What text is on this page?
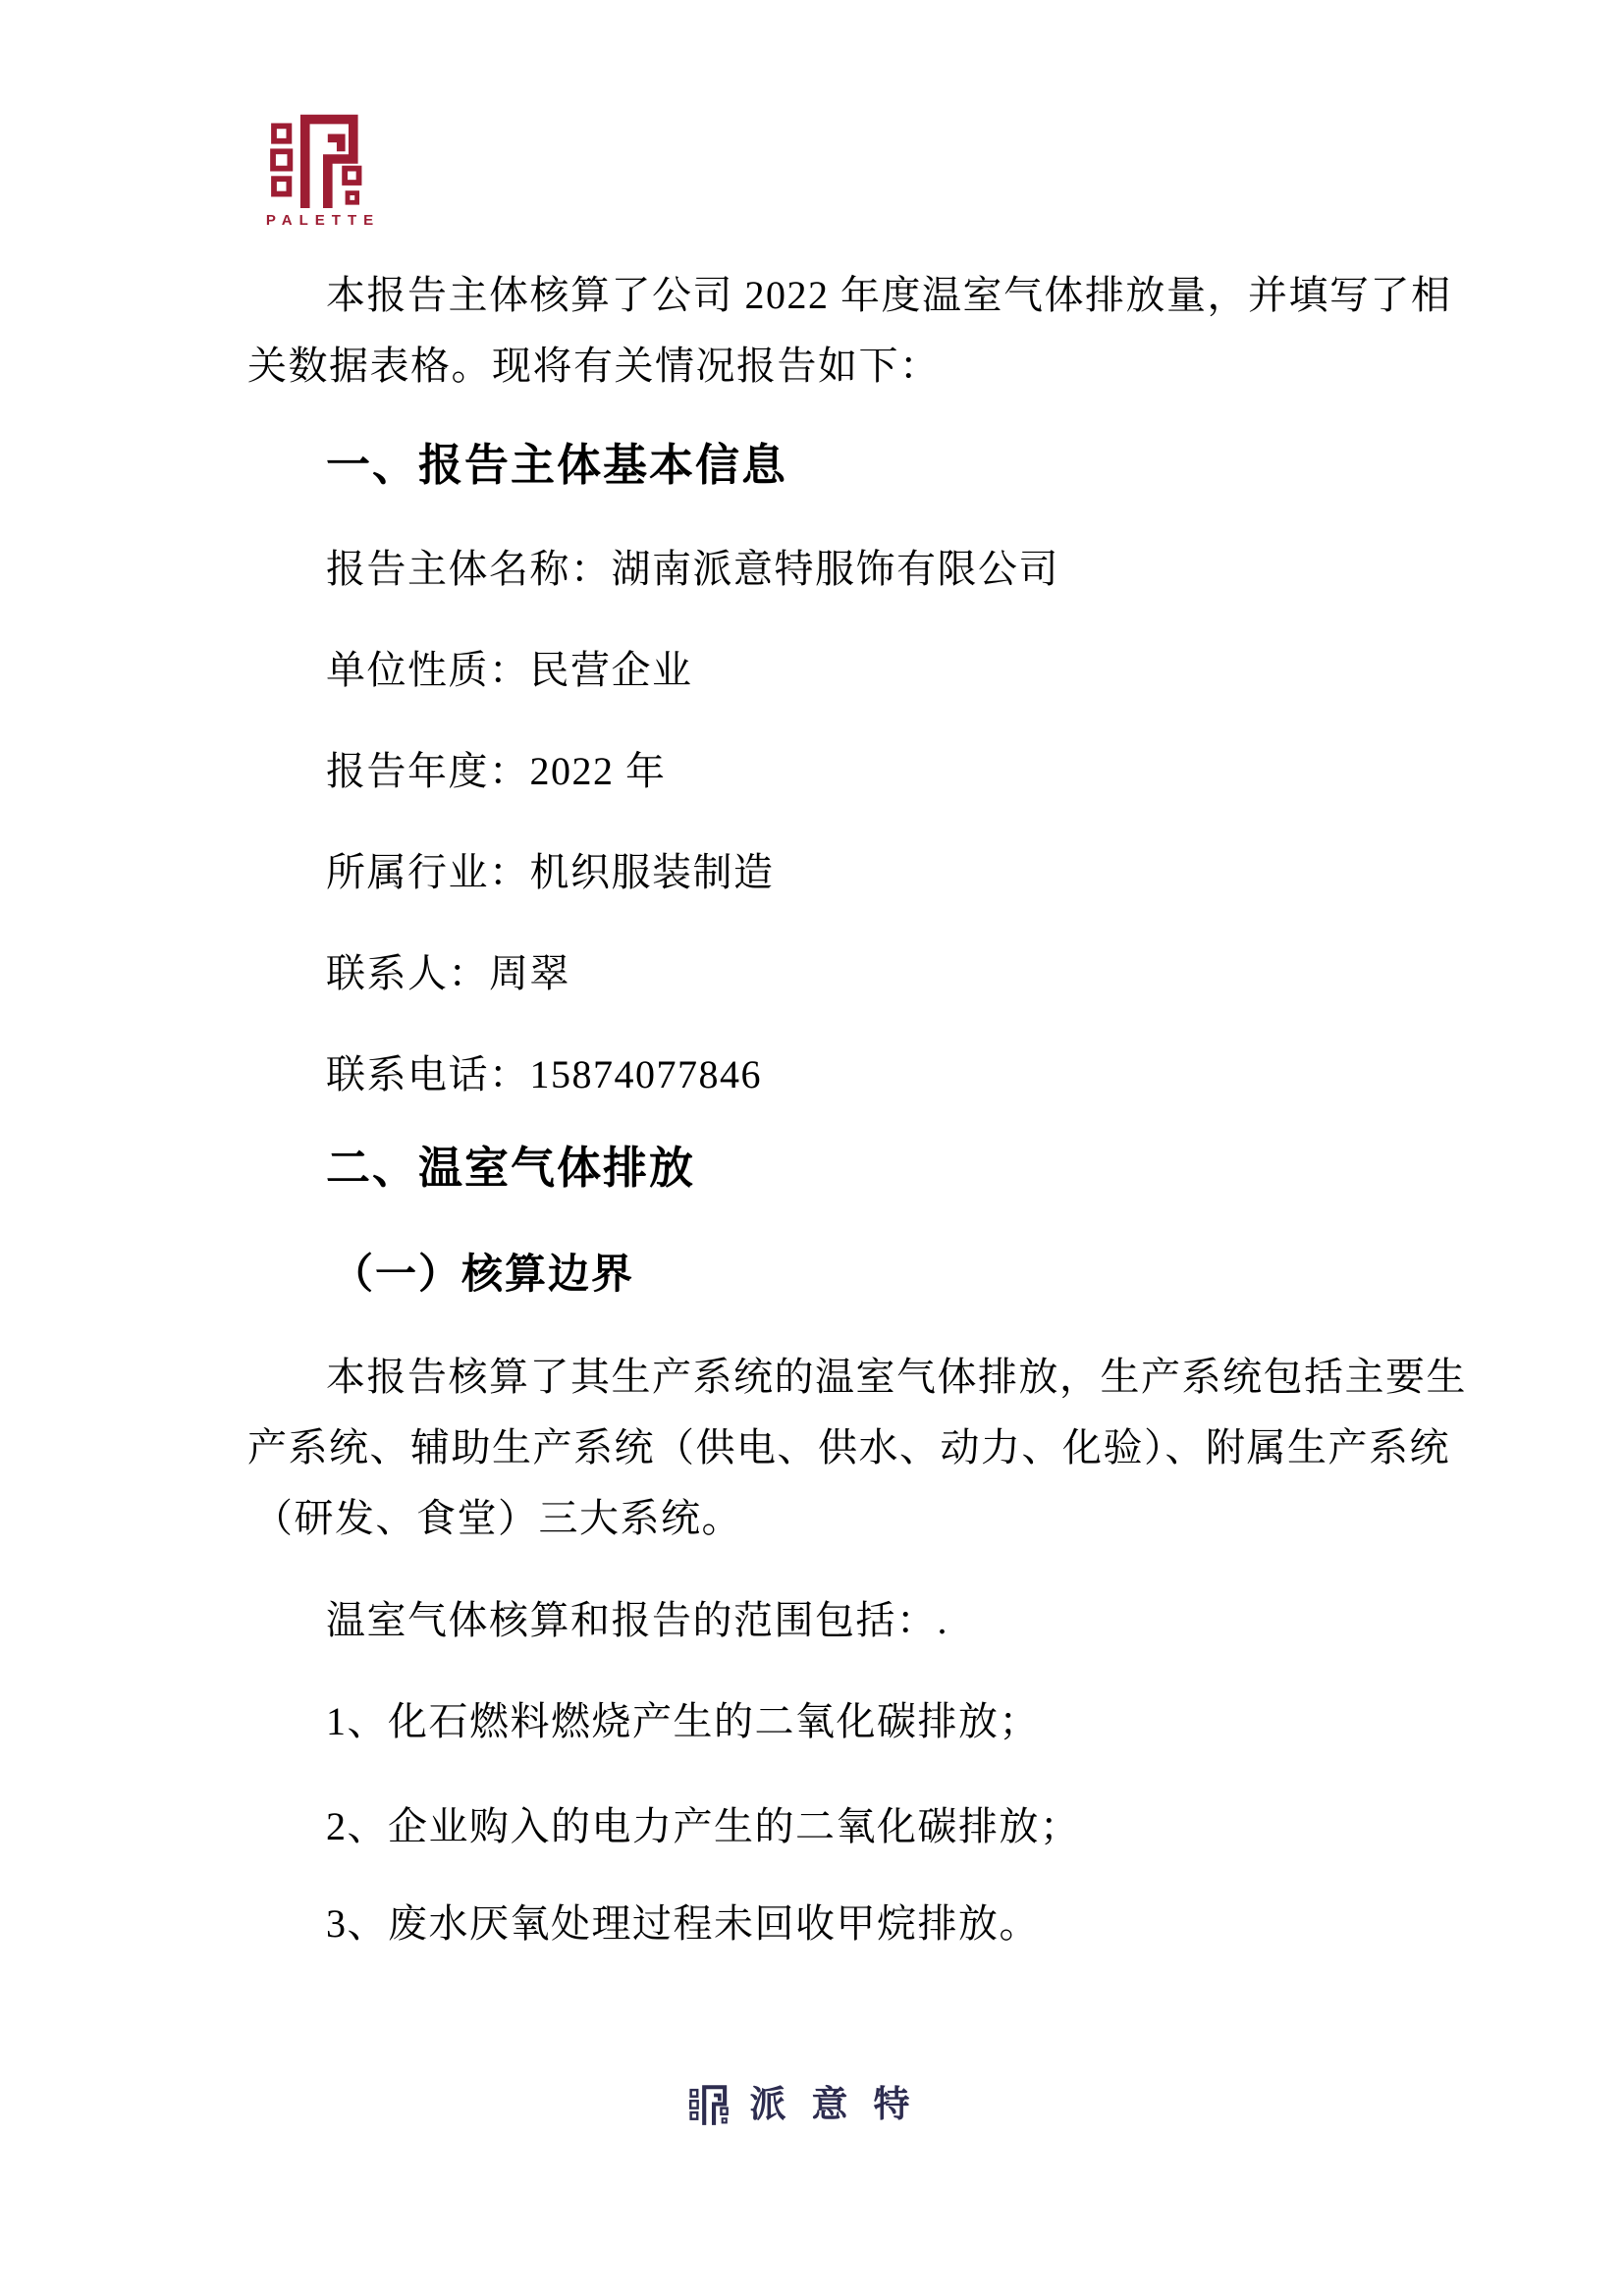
PALETTE
本报告主体核算了公司 2022 年度温室气体排放量，并填写了相
关数据表格。现将有关情况报告如下：
一、报告主体基本信息
报告主体名称：湖南派意特服饰有限公司
单位性质：民营企业
报告年度：2022 年
所属行业：机织服装制造
联系人：周翠
联系电话：15874077846
二、温室气体排放
（一）核算边界
本报告核算了其生产系统的温室气体排放，生产系统包括主要生
产系统、辅助生产系统（供电、供水、动力、化验）、附属生产系统
（研发、食堂）三大系统。
温室气体核算和报告的范围包括：.
1、化石燃料燃烧产生的二氧化碳排放；
2、企业购入的电力产生的二氧化碳排放；
3、废水厌氧处理过程未回收甲烷排放。
派意特
